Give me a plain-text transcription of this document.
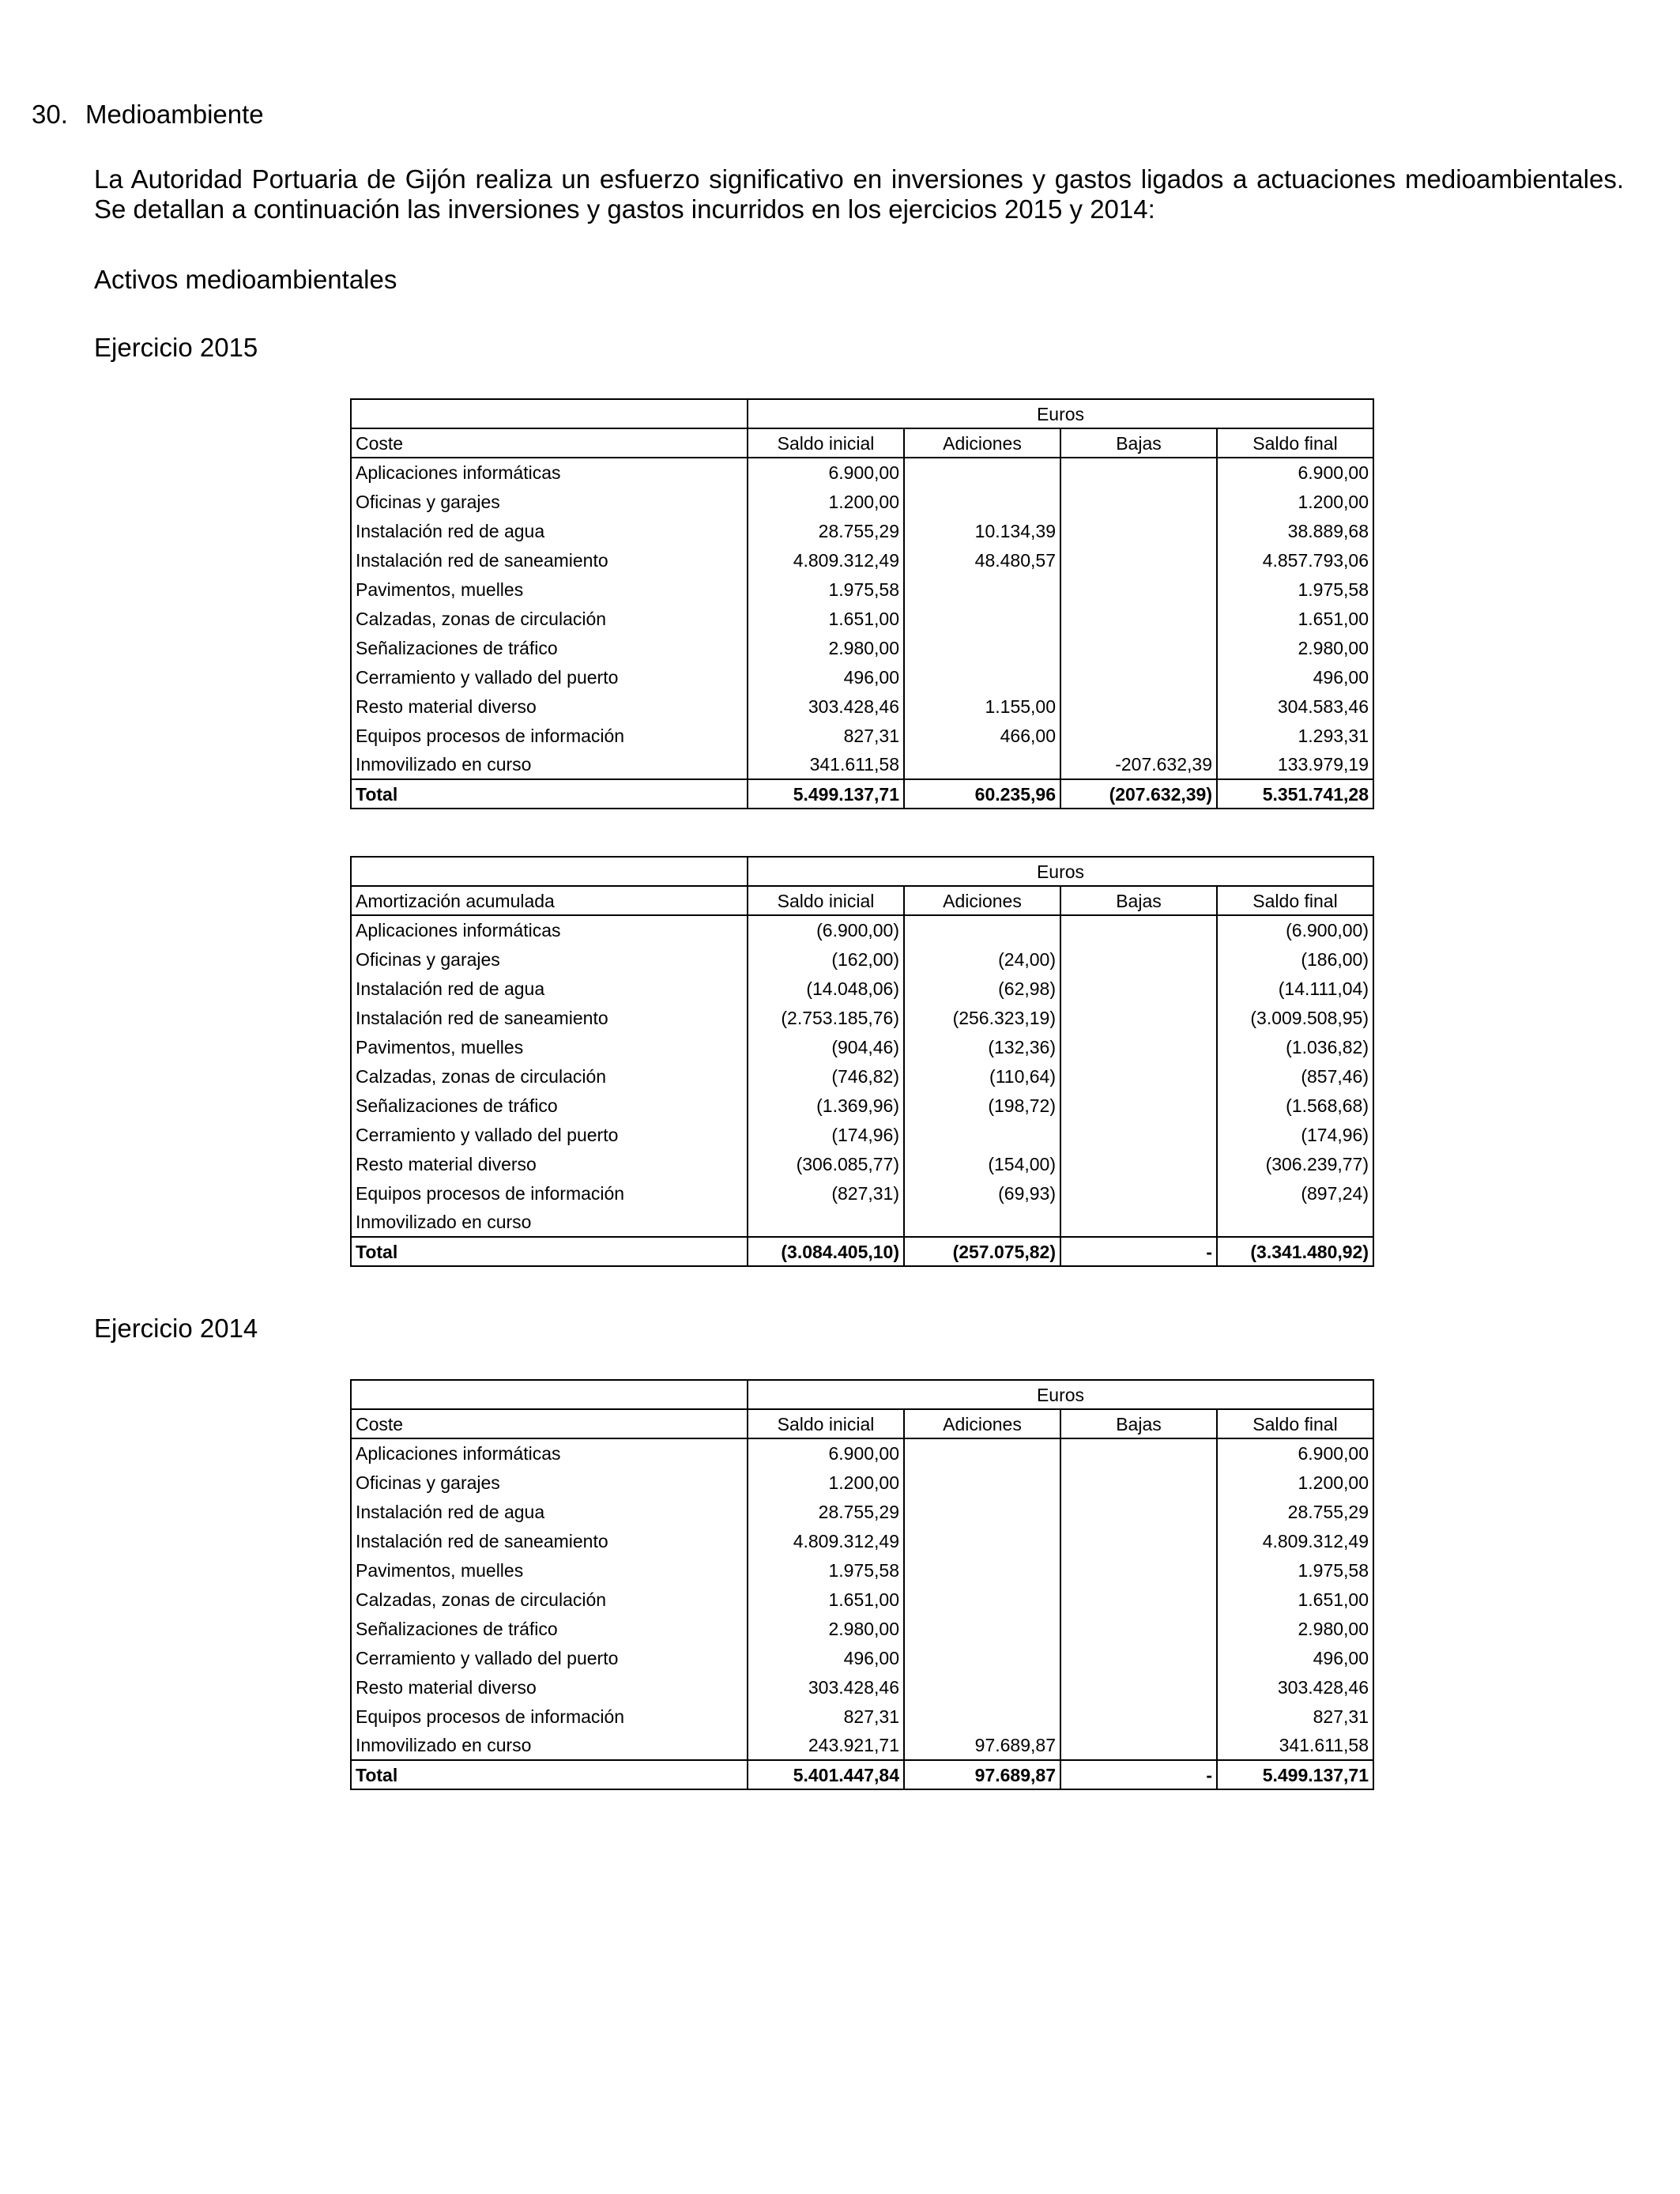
30. Medioambiente
La Autoridad Portuaria de Gijón realiza un esfuerzo significativo en inversiones y gastos ligados a actuaciones medioambientales. Se detallan a continuación las inversiones y gastos incurridos en los ejercicios 2015 y 2014:
Activos medioambientales
Ejercicio 2015
Ejercicio 2014
	Euros			
Coste	Saldo inicial	Adiciones	Bajas	Saldo final
Aplicaciones informáticas	6.900,00			6.900,00
Oficinas y garajes	1.200,00			1.200,00
Instalación red de agua	28.755,29	10.134,39		38.889,68
Instalación red de saneamiento	4.809.312,49	48.480,57		4.857.793,06
Pavimentos, muelles	1.975,58			1.975,58
Calzadas, zonas de circulación	1.651,00			1.651,00
Señalizaciones de tráfico	2.980,00			2.980,00
Cerramiento y vallado del puerto	496,00			496,00
Resto material diverso	303.428,46	1.155,00		304.583,46
Equipos procesos de información	827,31	466,00		1.293,31
Inmovilizado en curso	341.611,58		-207.632,39	133.979,19
Total	5.499.137,71	60.235,96	(207.632,39)	5.351.741,28
	Euros			
Amortización acumulada	Saldo inicial	Adiciones	Bajas	Saldo final
Aplicaciones informáticas	(6.900,00)			(6.900,00)
Oficinas y garajes	(162,00)	(24,00)		(186,00)
Instalación red de agua	(14.048,06)	(62,98)		(14.111,04)
Instalación red de saneamiento	(2.753.185,76)	(256.323,19)		(3.009.508,95)
Pavimentos, muelles	(904,46)	(132,36)		(1.036,82)
Calzadas, zonas de circulación	(746,82)	(110,64)		(857,46)
Señalizaciones de tráfico	(1.369,96)	(198,72)		(1.568,68)
Cerramiento y vallado del puerto	(174,96)			(174,96)
Resto material diverso	(306.085,77)	(154,00)		(306.239,77)
Equipos procesos de información	(827,31)	(69,93)		(897,24)
Inmovilizado en curso				
Total	(3.084.405,10)	(257.075,82)	-	(3.341.480,92)
	Euros			
Coste	Saldo inicial	Adiciones	Bajas	Saldo final
Aplicaciones informáticas	6.900,00			6.900,00
Oficinas y garajes	1.200,00			1.200,00
Instalación red de agua	28.755,29			28.755,29
Instalación red de saneamiento	4.809.312,49			4.809.312,49
Pavimentos, muelles	1.975,58			1.975,58
Calzadas, zonas de circulación	1.651,00			1.651,00
Señalizaciones de tráfico	2.980,00			2.980,00
Cerramiento y vallado del puerto	496,00			496,00
Resto material diverso	303.428,46			303.428,46
Equipos procesos de información	827,31			827,31
Inmovilizado en curso	243.921,71	97.689,87		341.611,58
Total	5.401.447,84	97.689,87	-	5.499.137,71
